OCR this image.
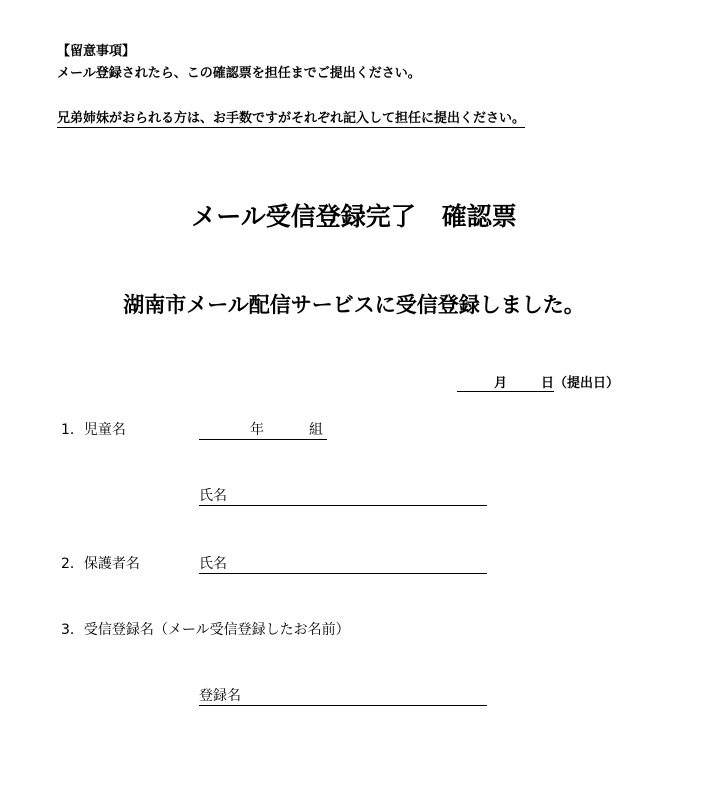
【留意事項】
メール登録されたら、この確認票を担任までご提出ください。
兄弟姉妹がおられる方は、お手数ですがそれぞれ記入して担任に提出ください。
メール受信登録完了 確認票
湖南市メール配信サービスに受信登録しました。
月	日（提出日）
1．児童名	年	組
氏名
2．保護者名	氏名
3．受信登録名（メール受信登録したお名前）
登録名
